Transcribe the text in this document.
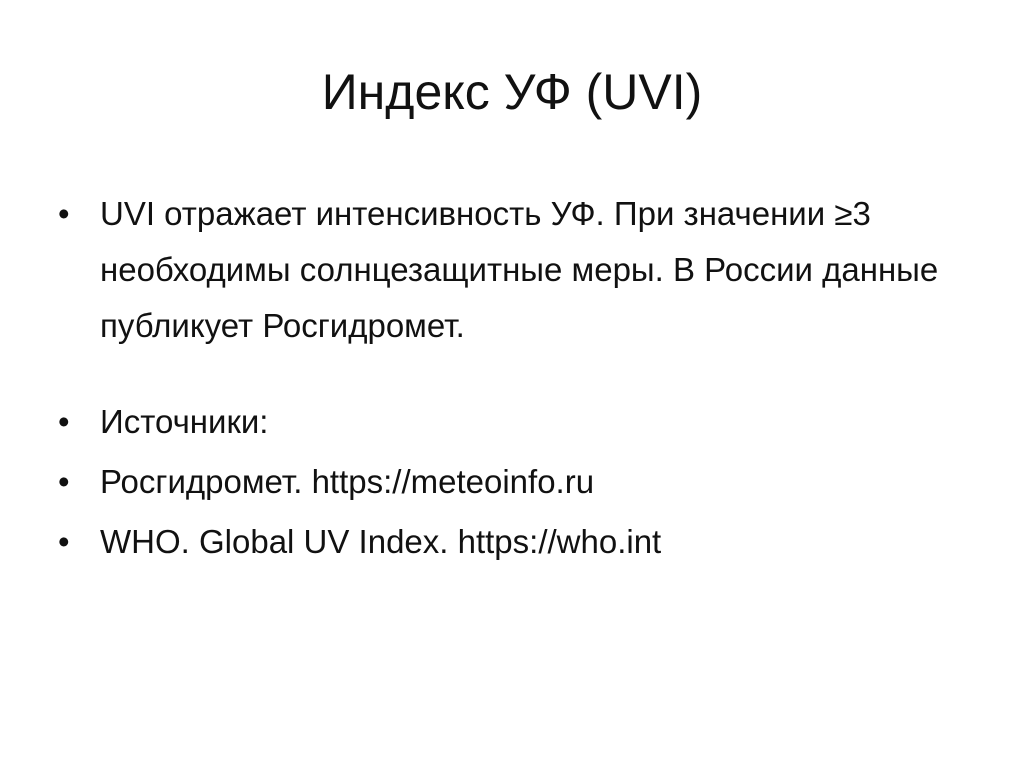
Индекс УФ (UVI)
• UVI отражает интенсивность УФ. При значении ≥3 необходимы солнцезащитные меры. В России данные публикует Росгидромет.
• Источники:
• Росгидромет. https://meteoinfo.ru
• WHO. Global UV Index. https://who.int
